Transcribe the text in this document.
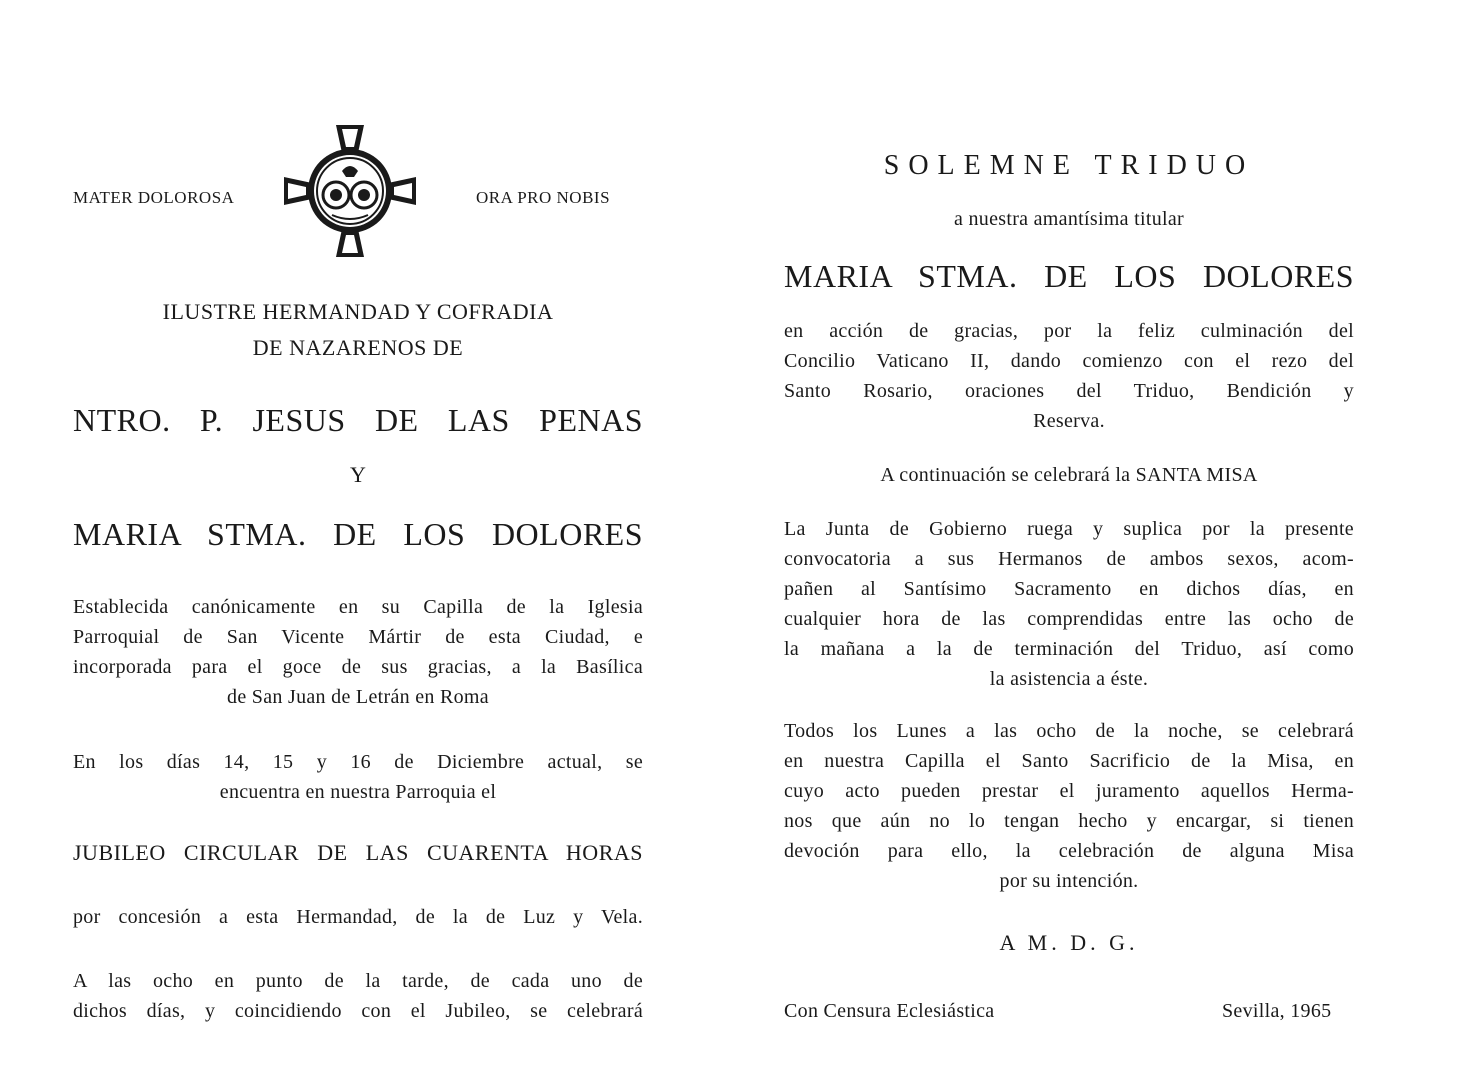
MATER DOLOROSA	ORA PRO NOBIS
ILUSTRE HERMANDAD Y COFRADIA
DE NAZARENOS DE
NTRO. P. JESUS DE LAS PENAS
Y
MARIA STMA. DE LOS DOLORES
Establecida canónicamente en su Capilla de la Iglesia
Parroquial de San Vicente Mártir de esta Ciudad, e
incorporada para el goce de sus gracias, a la Basílica
de San Juan de Letrán en Roma
En los días 14, 15 y 16 de Diciembre actual, se
encuentra en nuestra Parroquia el
JUBILEO CIRCULAR DE LAS CUARENTA HORAS
por concesión a esta Hermandad, de la de Luz y Vela.
A las ocho en punto de la tarde, de cada uno de
dichos días, y coincidiendo con el Jubileo, se celebrará
SOLEMNE TRIDUO
a nuestra amantísima titular
MARIA STMA. DE LOS DOLORES
en acción de gracias, por la feliz culminación del
Concilio Vaticano II, dando comienzo con el rezo del
Santo Rosario, oraciones del Triduo, Bendición y
Reserva.
A continuación se celebrará la SANTA MISA
La Junta de Gobierno ruega y suplica por la presente
convocatoria a sus Hermanos de ambos sexos, acom-
pañen al Santísimo Sacramento en dichos días, en
cualquier hora de las comprendidas entre las ocho de
la mañana a la de terminación del Triduo, así como
la asistencia a éste.
Todos los Lunes a las ocho de la noche, se celebrará
en nuestra Capilla el Santo Sacrificio de la Misa, en
cuyo acto pueden prestar el juramento aquellos Herma-
nos que aún no lo tengan hecho y encargar, si tienen
devoción para ello, la celebración de alguna Misa
por su intención.
A M. D. G.
Con Censura Eclesiástica	Sevilla, 1965
